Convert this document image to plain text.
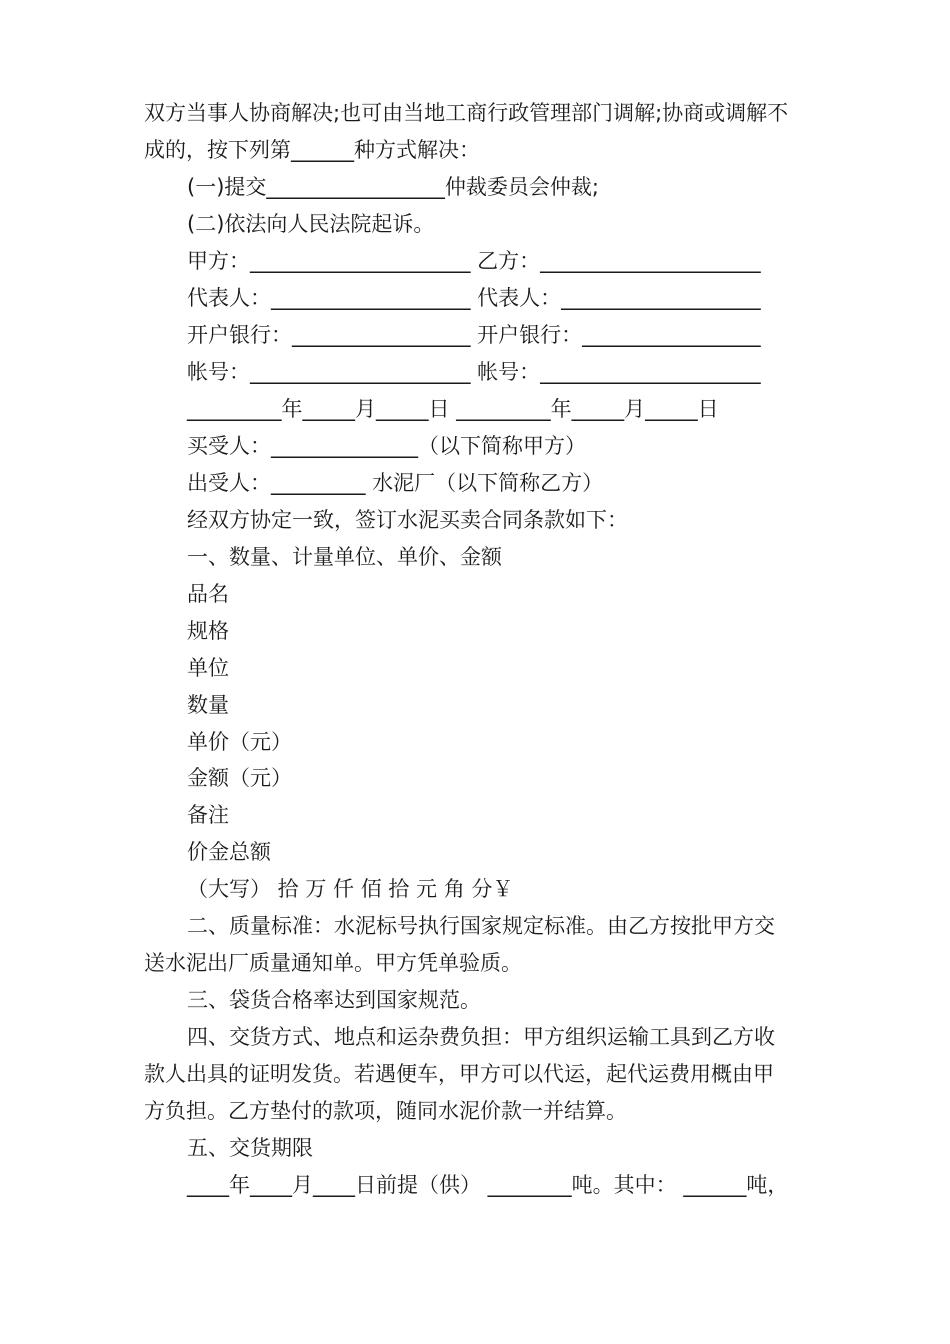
双方当事人协商解决;也可由当地工商行政管理部门调解;协商或调解不
成的，按下列第______种方式解决：
(一)提交_________________仲裁委员会仲裁;
(二)依法向人民法院起诉。
甲方：_____________________ 乙方：_____________________
代表人：___________________ 代表人：___________________
开户银行：_________________ 开户银行：_________________
帐号：_____________________ 帐号：_____________________
_________年_____月_____日 _________年_____月_____日
买受人：______________（以下简称甲方）
出受人：_________ 水泥厂（以下简称乙方）
经双方协定一致，签订水泥买卖合同条款如下：
一、数量、计量单位、单价、金额
品名
规格
单位
数量
单价（元）
金额（元）
备注
价金总额
（大写） 拾 万 仟 佰 拾 元 角 分￥
二、质量标准：水泥标号执行国家规定标准。由乙方按批甲方交
送水泥出厂质量通知单。甲方凭单验质。
三、袋货合格率达到国家规范。
四、交货方式、地点和运杂费负担：甲方组织运输工具到乙方收
款人出具的证明发货。若遇便车，甲方可以代运，起代运费用概由甲
方负担。乙方垫付的款项，随同水泥价款一并结算。
五、交货期限
____年____月____日前提（供） ________吨。其中： ______吨，
